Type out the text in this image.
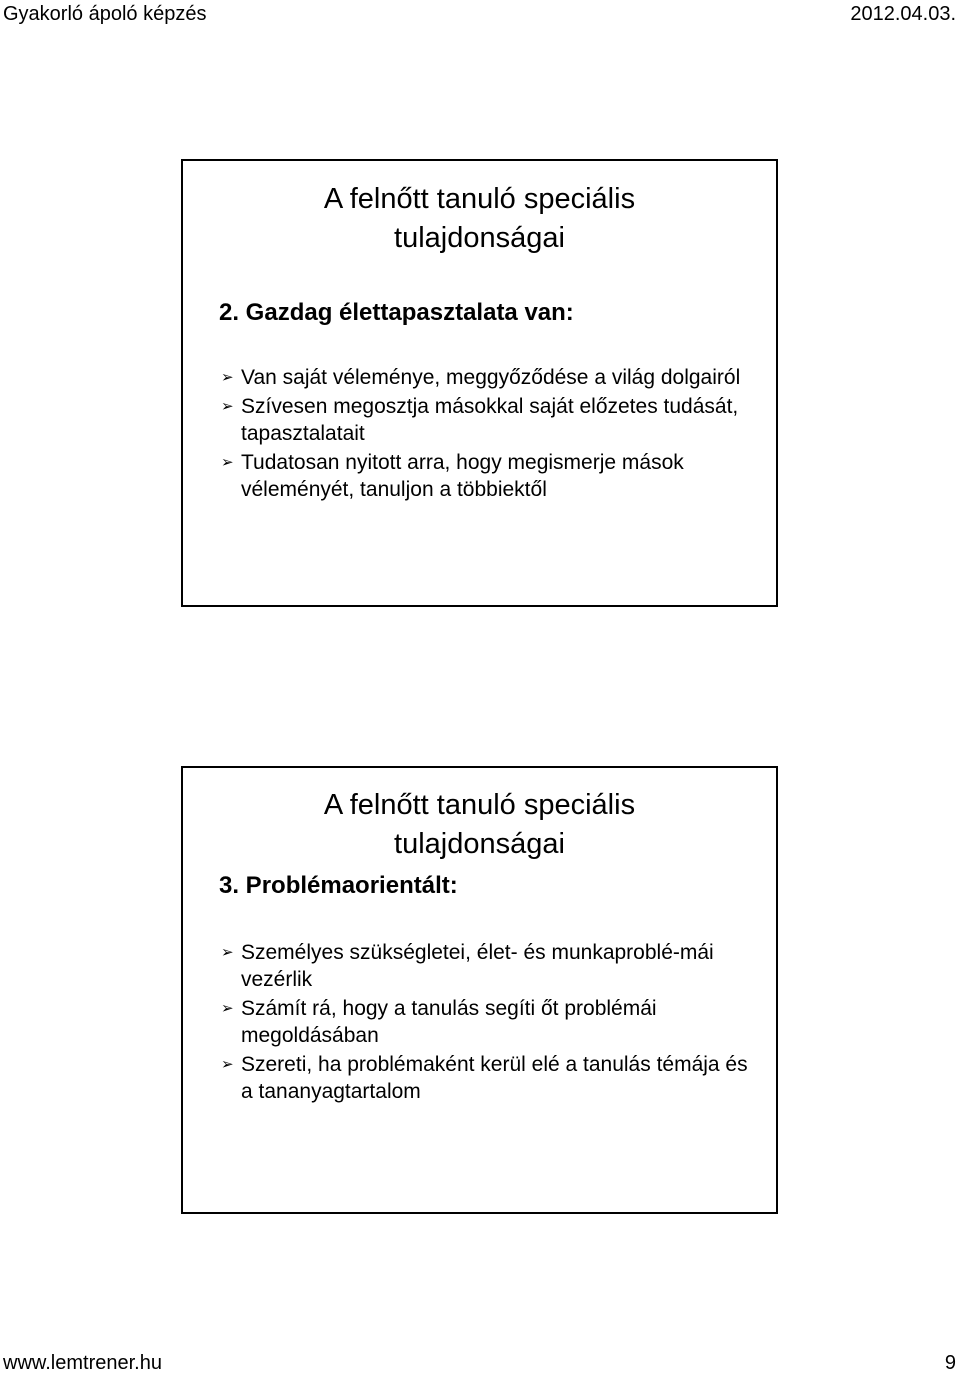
Gyakorló ápoló képzés	2012.04.03.
A felnőtt tanuló speciális
tulajdonságai

2. Gazdag élettapasztalata van:

➢ Van saját véleménye, meggyőződése a világ dolgairól
➢ Szívesen megosztja másokkal saját előzetes tudását, tapasztalatait
➢ Tudatosan nyitott arra, hogy megismerje mások véleményét, tanuljon a többiektől
A felnőtt tanuló speciális
tulajdonságai

3. Problémaorientált:

➢ Személyes szükségletei, élet- és munkaproblé-mái vezérlik
➢ Számít rá, hogy a tanulás segíti őt problémái megoldásában
➢ Szereti, ha problémaként kerül elé a tanulás témája és a tananyagtartalom
www.lemtrener.hu	9
